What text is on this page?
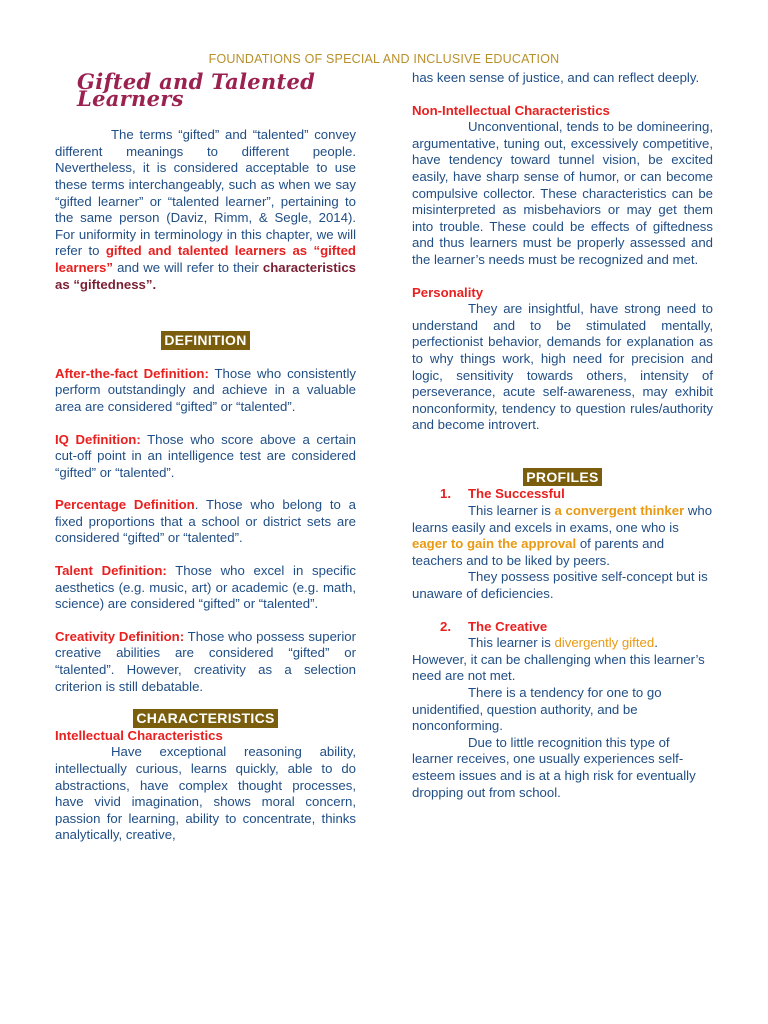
FOUNDATIONS OF SPECIAL AND INCLUSIVE EDUCATION
Gifted and Talented Learners

The terms “gifted” and “talented” convey different meanings to different people. Nevertheless, it is considered acceptable to use these terms interchangeably, such as when we say “gifted learner” or “talented learner”, pertaining to the same person (Daviz, Rimm, & Segle, 2014). For uniformity in terminology in this chapter, we will refer to gifted and talented learners as “gifted learners” and we will refer to their characteristics as “giftedness”.

DEFINITION

After-the-fact Definition: Those who consistently perform outstandingly and achieve in a valuable area are considered “gifted” or “talented”.

IQ Definition: Those who score above a certain cut-off point in an intelligence test are considered “gifted” or “talented”.

Percentage Definition. Those who belong to a fixed proportions that a school or district sets are considered “gifted” or “talented”.

Talent Definition: Those who excel in specific aesthetics (e.g. music, art) or academic (e.g. math, science) are considered “gifted” or “talented”.

Creativity Definition: Those who possess superior creative abilities are considered “gifted” or “talented”. However, creativity as a selection criterion is still debatable.

CHARACTERISTICS
Intellectual Characteristics

Have exceptional reasoning ability, intellectually curious, learns quickly, able to do abstractions, have complex thought processes, have vivid imagination, shows moral concern, passion for learning, ability to concentrate, thinks analytically, creative,

has keen sense of justice, and can reflect deeply.

Non-Intellectual Characteristics

Unconventional, tends to be domineering, argumentative, tuning out, excessively competitive, have tendency toward tunnel vision, be excited easily, have sharp sense of humor, or can become compulsive collector. These characteristics can be misinterpreted as misbehaviors or may get them into trouble. These could be effects of giftedness and thus learners must be properly assessed and the learner’s needs must be recognized and met.

Personality

They are insightful, have strong need to understand and to be stimulated mentally, perfectionist behavior, demands for explanation as to why things work, high need for precision and logic, sensitivity towards others, intensity of perseverance, acute self-awareness, may exhibit nonconformity, tendency to question rules/authority and become introvert.

PROFILES
1. The Successful

This learner is a convergent thinker who learns easily and excels in exams, one who is eager to gain the approval of parents and teachers and to be liked by peers.

They possess positive self-concept but is unaware of deficiencies.

2. The Creative

This learner is divergently gifted. However, it can be challenging when this learner’s need are not met.

There is a tendency for one to go unidentified, question authority, and be nonconforming.

Due to little recognition this type of learner receives, one usually experiences self-esteem issues and is at a high risk for eventually dropping out from school.
